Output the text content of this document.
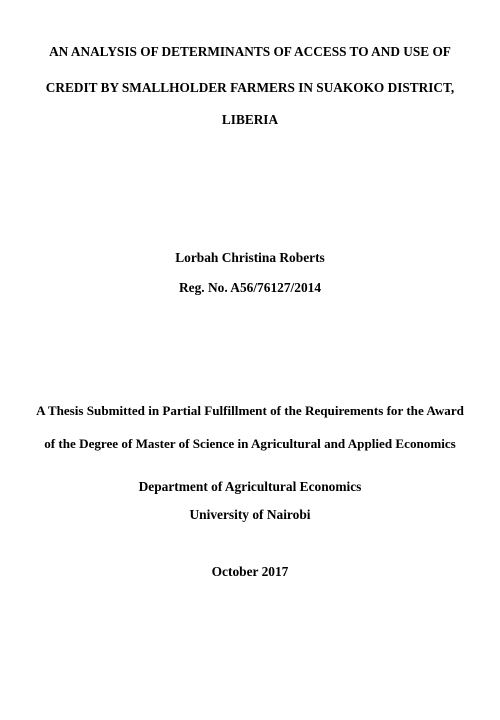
AN ANALYSIS OF DETERMINANTS OF ACCESS TO AND USE OF
CREDIT BY SMALLHOLDER FARMERS IN SUAKOKO DISTRICT,
LIBERIA
Lorbah Christina Roberts
Reg. No. A56/76127/2014
A Thesis Submitted in Partial Fulfillment of the Requirements for the Award
of the Degree of Master of Science in Agricultural and Applied Economics
Department of Agricultural Economics
University of Nairobi
October 2017
